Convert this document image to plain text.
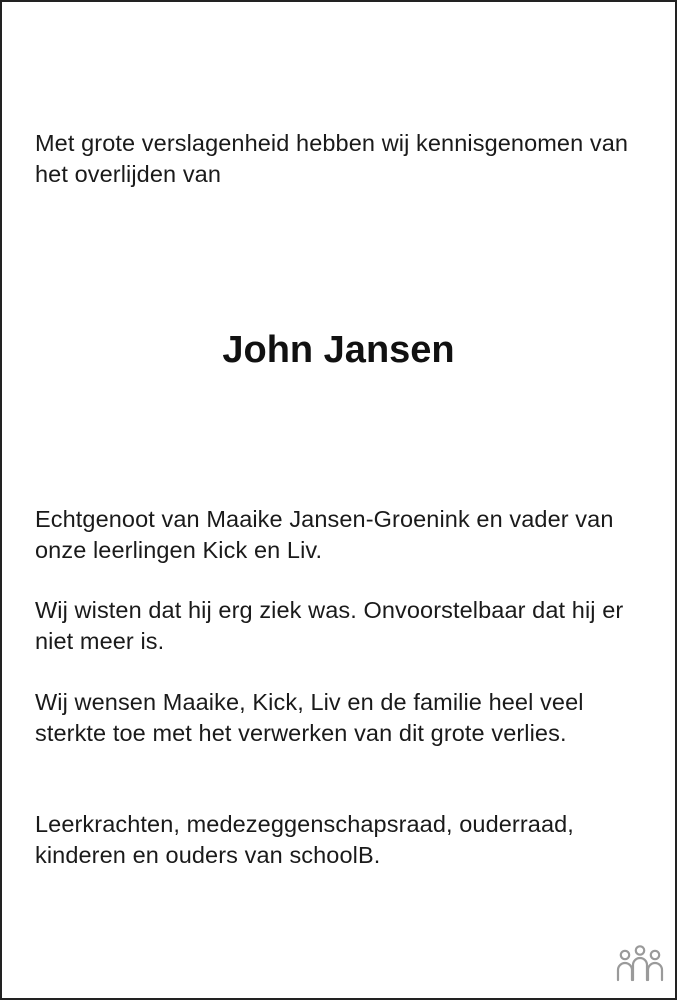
Met grote verslagenheid hebben wij kennisgenomen van het overlijden van

John Jansen

Echtgenoot van Maaike Jansen-Groenink en vader van onze leerlingen Kick en Liv.

Wij wisten dat hij erg ziek was. Onvoorstelbaar dat hij er niet meer is.

Wij wensen Maaike, Kick, Liv en de familie heel veel sterkte toe met het verwerken van dit grote verlies.

Leerkrachten, medezeggenschapsraad, ouderraad, kinderen en ouders van schoolB.
